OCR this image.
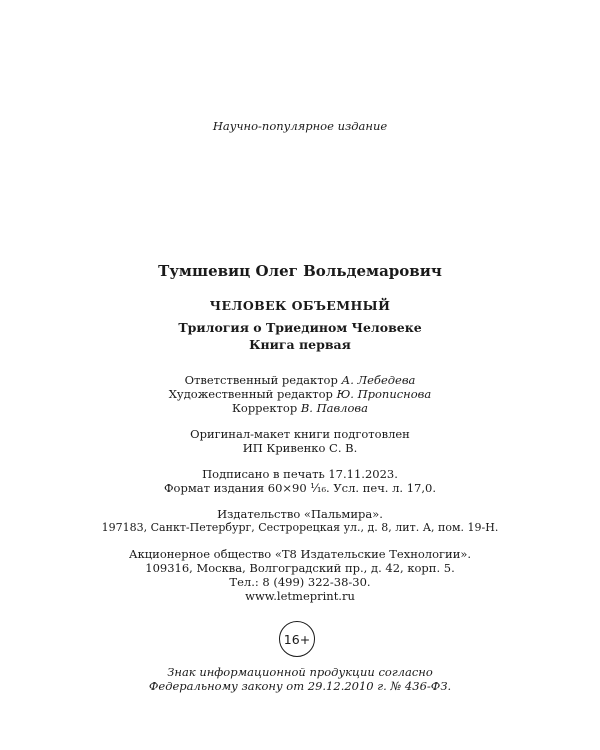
Научно-популярное издание
Тумшевиц Олег Вольдемарович
ЧЕЛОВЕК ОБЪЕМНЫЙ
Трилогия о Триедином Человеке
Книга первая
Ответственный редактор А. Лебедева
Художественный редактор Ю. Прописнова
Корректор В. Павлова
Оригинал-макет книги подготовлен
ИП Кривенко С. В.
Подписано в печать 17.11.2023.
Формат издания 60×90 ¹⁄₁₆. Усл. печ. л. 17,0.
Издательство «Пальмира».
197183, Санкт-Петербург, Сестрорецкая ул., д. 8, лит. А, пом. 19-Н.
Акционерное общество «Т8 Издательские Технологии».
109316, Москва, Волгоградский пр., д. 42, корп. 5.
Тел.: 8 (499) 322-38-30.
www.letmeprint.ru
16+
Знак информационной продукции согласно
Федеральному закону от 29.12.2010 г. № 436-ФЗ.
